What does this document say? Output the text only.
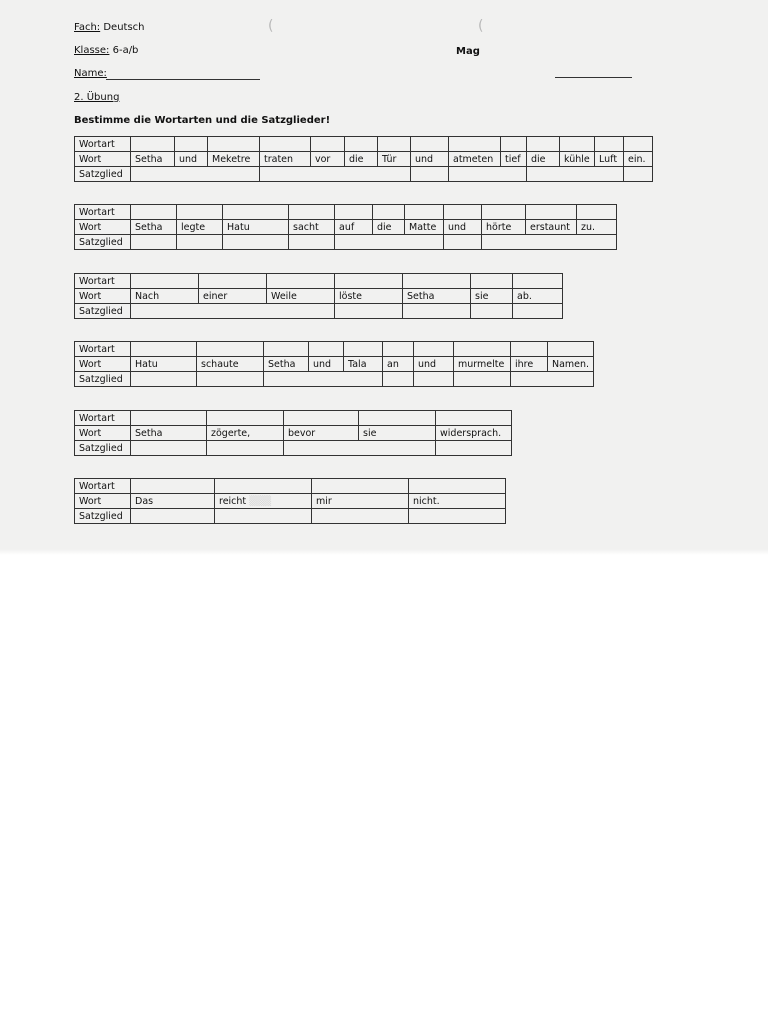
Fach: Deutsch
Klasse: 6-a/b	Mag
Name:
2. Übung
Bestimme die Wortarten und die Satzglieder!
(	(
Wortart														
Wort	Setha	und	Meketre	traten	vor	die	Tür	und	atmeten	tief	die	kühle	Luft	ein.
Satzglied														
Wortart											
Wort	Setha	legte	Hatu	sacht	auf	die	Matte	und	hörte	erstaunt	zu.
Satzglied											
Wortart							
Wort	Nach	einer	Weile	löste	Setha	sie	ab.
Satzglied							
Wortart										
Wort	Hatu	schaute	Setha	und	Tala	an	und	murmelte	ihre	Namen.
Satzglied										
Wortart					
Wort	Setha	zögerte,	bevor	sie	widersprach.
Satzglied					
Wortart				
Wort	Das	reicht ▒▒▒	mir	nicht.
Satzglied				
